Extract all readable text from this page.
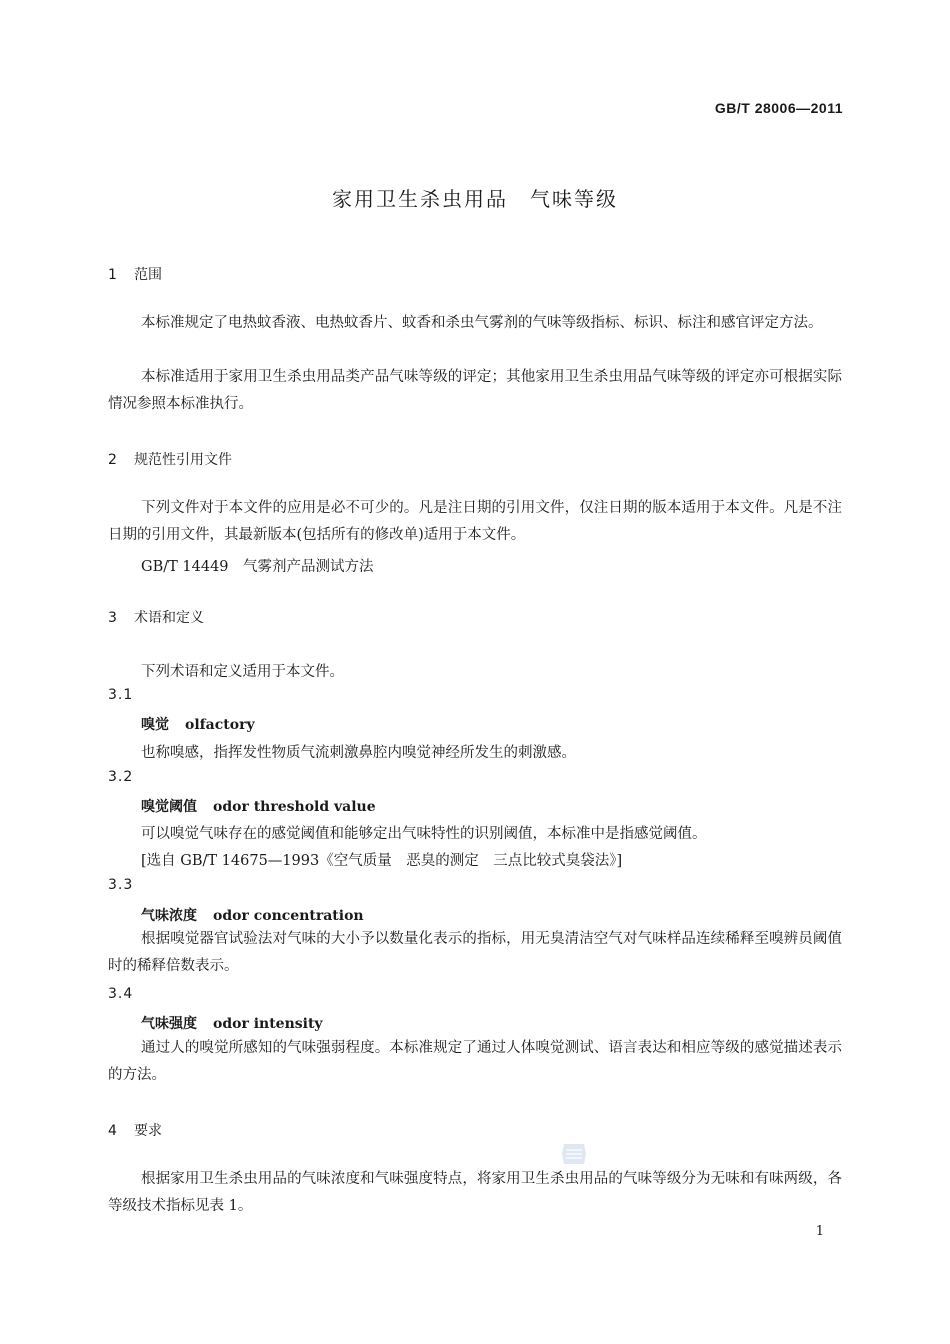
GB/T 28006—2011
家用卫生杀虫用品　气味等级
1 范围
本标准规定了电热蚊香液、电热蚊香片、蚊香和杀虫气雾剂的气味等级指标、标识、标注和感官评定方法。
本标准适用于家用卫生杀虫用品类产品气味等级的评定；其他家用卫生杀虫用品气味等级的评定亦可根据实际情况参照本标准执行。
2 规范性引用文件
下列文件对于本文件的应用是必不可少的。凡是注日期的引用文件，仅注日期的版本适用于本文件。凡是不注日期的引用文件，其最新版本(包括所有的修改单)适用于本文件。
GB/T 14449　气雾剂产品测试方法
3 术语和定义
下列术语和定义适用于本文件。
3.1
嗅觉 olfactory
也称嗅感，指挥发性物质气流刺激鼻腔内嗅觉神经所发生的刺激感。
3.2
嗅觉阈值 odor threshold value
可以嗅觉气味存在的感觉阈值和能够定出气味特性的识别阈值，本标准中是指感觉阈值。
[选自 GB/T 14675—1993《空气质量　恶臭的测定　三点比较式臭袋法》]
3.3
气味浓度 odor concentration
根据嗅觉器官试验法对气味的大小予以数量化表示的指标，用无臭清洁空气对气味样品连续稀释至嗅辨员阈值时的稀释倍数表示。
3.4
气味强度 odor intensity
通过人的嗅觉所感知的气味强弱程度。本标准规定了通过人体嗅觉测试、语言表达和相应等级的感觉描述表示的方法。
4 要求
根据家用卫生杀虫用品的气味浓度和气味强度特点，将家用卫生杀虫用品的气味等级分为无味和有味两级，各等级技术指标见表 1。
1
